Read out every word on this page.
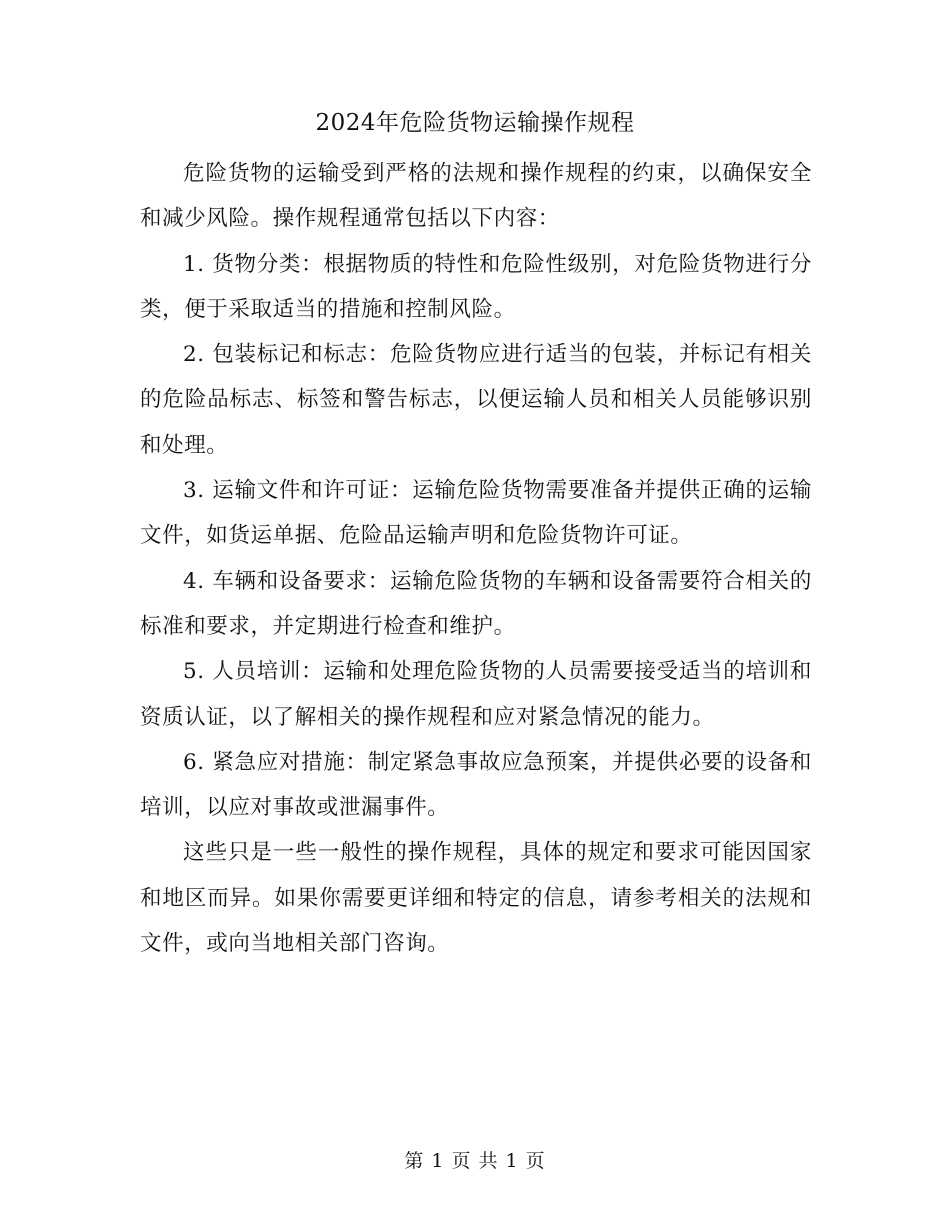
2024年危险货物运输操作规程

危险货物的运输受到严格的法规和操作规程的约束，以确保安全和减少风险。操作规程通常包括以下内容：

1. 货物分类：根据物质的特性和危险性级别，对危险货物进行分类，便于采取适当的措施和控制风险。

2. 包装标记和标志：危险货物应进行适当的包装，并标记有相关的危险品标志、标签和警告标志，以便运输人员和相关人员能够识别和处理。

3. 运输文件和许可证：运输危险货物需要准备并提供正确的运输文件，如货运单据、危险品运输声明和危险货物许可证。

4. 车辆和设备要求：运输危险货物的车辆和设备需要符合相关的标准和要求，并定期进行检查和维护。

5. 人员培训：运输和处理危险货物的人员需要接受适当的培训和资质认证，以了解相关的操作规程和应对紧急情况的能力。

6. 紧急应对措施：制定紧急事故应急预案，并提供必要的设备和培训，以应对事故或泄漏事件。

这些只是一些一般性的操作规程，具体的规定和要求可能因国家和地区而异。如果你需要更详细和特定的信息，请参考相关的法规和文件，或向当地相关部门咨询。

第 1 页 共 1 页
